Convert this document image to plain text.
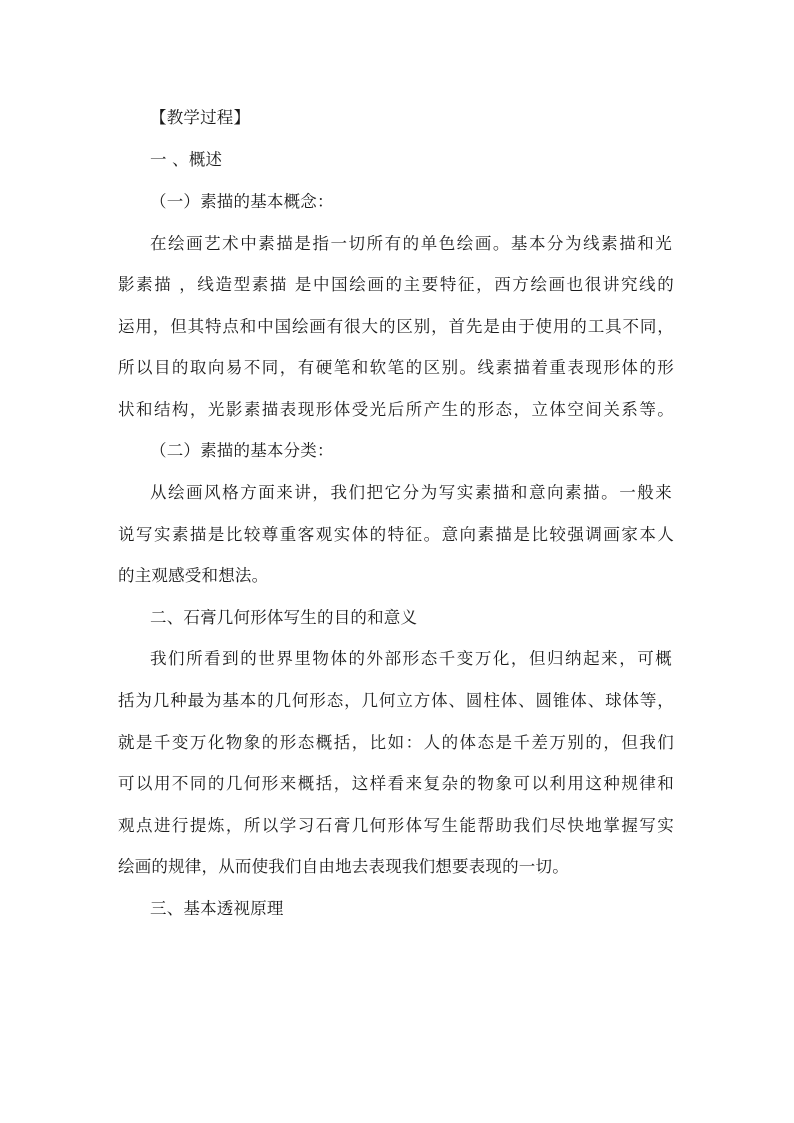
【教学过程】
一 、概述
（一）素描的基本概念：
在绘画艺术中素描是指一切所有的单色绘画。基本分为线素描和光
影素描 ，线造型素描 是中国绘画的主要特征，西方绘画也很讲究线的
运用，但其特点和中国绘画有很大的区别，首先是由于使用的工具不同，
所以目的取向易不同，有硬笔和软笔的区别。线素描着重表现形体的形
状和结构，光影素描表现形体受光后所产生的形态，立体空间关系等。
（二）素描的基本分类：
从绘画风格方面来讲，我们把它分为写实素描和意向素描。一般来
说写实素描是比较尊重客观实体的特征。意向素描是比较强调画家本人
的主观感受和想法。
二、石膏几何形体写生的目的和意义
我们所看到的世界里物体的外部形态千变万化，但归纳起来，可概
括为几种最为基本的几何形态，几何立方体、圆柱体、圆锥体、球体等，
就是千变万化物象的形态概括，比如：人的体态是千差万别的，但我们
可以用不同的几何形来概括，这样看来复杂的物象可以利用这种规律和
观点进行提炼，所以学习石膏几何形体写生能帮助我们尽快地掌握写实
绘画的规律，从而使我们自由地去表现我们想要表现的一切。
三、基本透视原理
